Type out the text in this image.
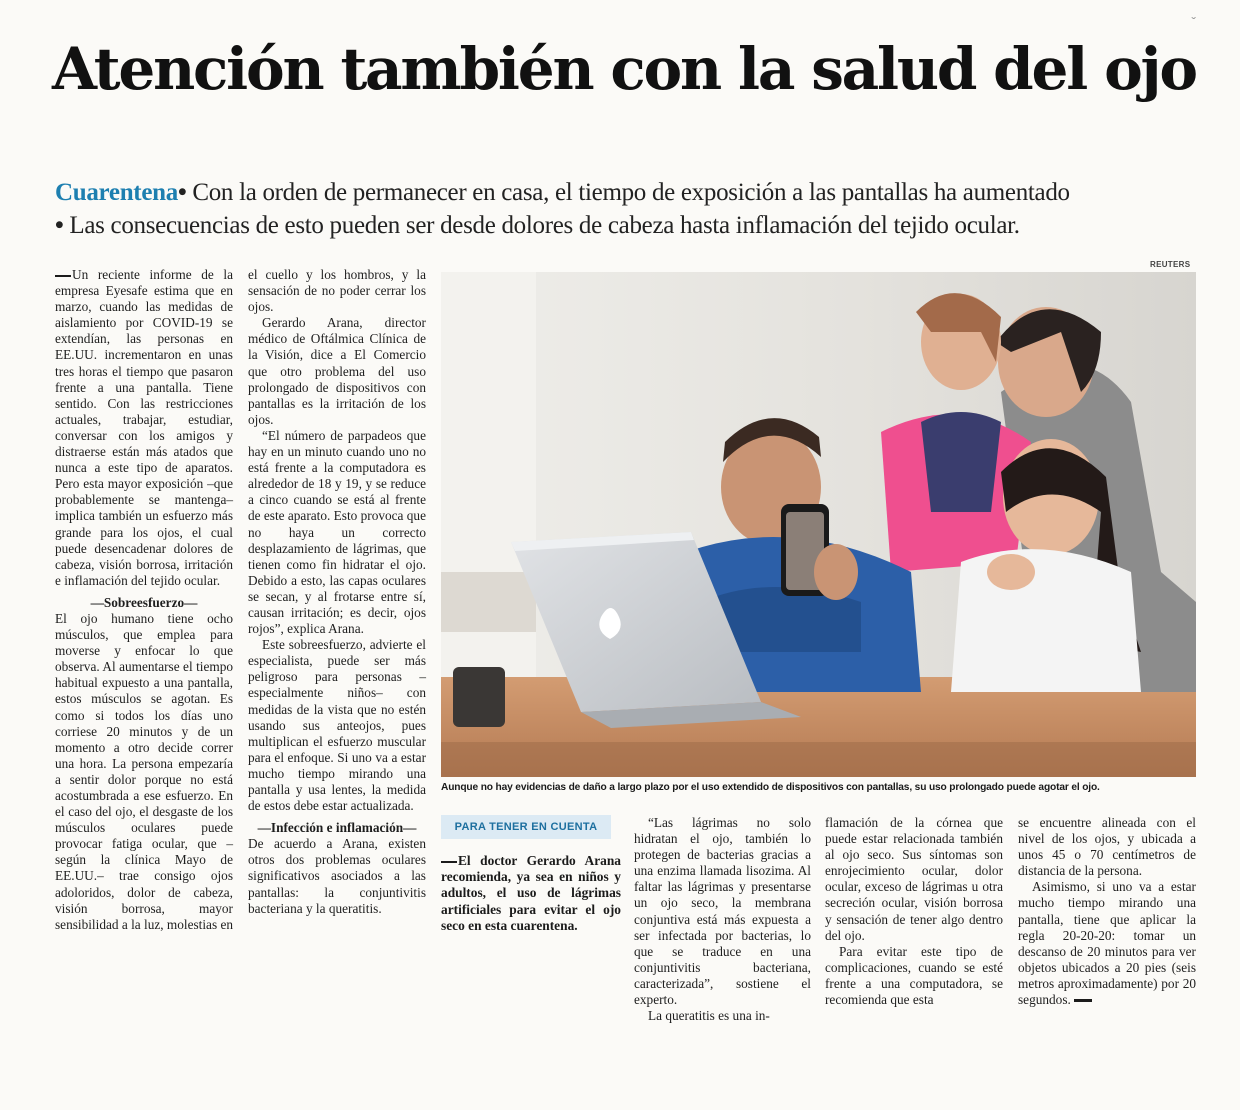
ˇ
Atención también con la salud del ojo
Cuarentena• Con la orden de permanecer en casa, el tiempo de exposición a las pantallas ha aumentado
• Las consecuencias de esto pueden ser desde dolores de cabeza hasta inflamación del tejido ocular.

Un reciente informe de la empresa Eyesafe estima que en marzo, cuando las medidas de aislamiento por COVID-19 se extendían, las personas en EE.UU. incrementaron en unas tres horas el tiempo que pasaron frente a una pantalla. Tiene sentido. Con las restricciones actuales, trabajar, estudiar, conversar con los amigos y distraerse están más atados que nunca a este tipo de aparatos. Pero esta mayor exposición –que probablemente se mantenga– implica también un esfuerzo más grande para los ojos, el cual puede desencadenar dolores de cabeza, visión borrosa, irritación e inflamación del tejido ocular.

—Sobreesfuerzo—

El ojo humano tiene ocho músculos, que emplea para moverse y enfocar lo que observa. Al aumentarse el tiempo habitual expuesto a una pantalla, estos músculos se agotan. Es como si todos los días uno corriese 20 minutos y de un momento a otro decide correr una hora. La persona empezaría a sentir dolor porque no está acostumbrada a ese esfuerzo. En el caso del ojo, el desgaste de los músculos oculares puede provocar fatiga ocular, que –según la clínica Mayo de EE.UU.– trae consigo ojos adoloridos, dolor de cabeza, visión borrosa, mayor sensibilidad a la luz, molestias en

el cuello y los hombros, y la sensación de no poder cerrar los ojos.

Gerardo Arana, director médico de Oftálmica Clínica de la Visión, dice a El Comercio que otro problema del uso prolongado de dispositivos con pantallas es la irritación de los ojos.

“El número de parpadeos que hay en un minuto cuando uno no está frente a la computadora es alrededor de 18 y 19, y se reduce a cinco cuando se está al frente de este aparato. Esto provoca que no haya un correcto desplazamiento de lágrimas, que tienen como fin hidratar el ojo. Debido a esto, las capas oculares se secan, y al frotarse entre sí, causan irritación; es decir, ojos rojos”, explica Arana.

Este sobreesfuerzo, advierte el especialista, puede ser más peligroso para personas –especialmente niños– con medidas de la vista que no estén usando sus anteojos, pues multiplican el esfuerzo muscular para el enfoque. Si uno va a estar mucho tiempo mirando una pantalla y usa lentes, la medida de estos debe estar actualizada.

—Infección e inflamación—

De acuerdo a Arana, existen otros dos problemas oculares significativos asociados a las pantallas: la conjuntivitis bacteriana y la queratitis.

REUTERS
Aunque no hay evidencias de daño a largo plazo por el uso extendido de dispositivos con pantallas, su uso prolongado puede agotar el ojo.
PARA TENER EN CUENTA
El doctor Gerardo Arana recomienda, ya sea en niños y adultos, el uso de lágrimas artificiales para evitar el ojo seco en esta cuarentena.

“Las lágrimas no solo hidratan el ojo, también lo protegen de bacterias gracias a una enzima llamada lisozima. Al faltar las lágrimas y presentarse un ojo seco, la membrana conjuntiva está más expuesta a ser infectada por bacterias, lo que se traduce en una conjuntivitis bacteriana, caracterizada”, sostiene el experto.

La queratitis es una in-

flamación de la córnea que puede estar relacionada también al ojo seco. Sus síntomas son enrojecimiento ocular, dolor ocular, exceso de lágrimas u otra secreción ocular, visión borrosa y sensación de tener algo dentro del ojo.

Para evitar este tipo de complicaciones, cuando se esté frente a una computadora, se recomienda que esta

se encuentre alineada con el nivel de los ojos, y ubicada a unos 45 o 70 centímetros de distancia de la persona.

Asimismo, si uno va a estar mucho tiempo mirando una pantalla, tiene que aplicar la regla 20-20-20: tomar un descanso de 20 minutos para ver objetos ubicados a 20 pies (seis metros aproximadamente) por 20 segundos.
